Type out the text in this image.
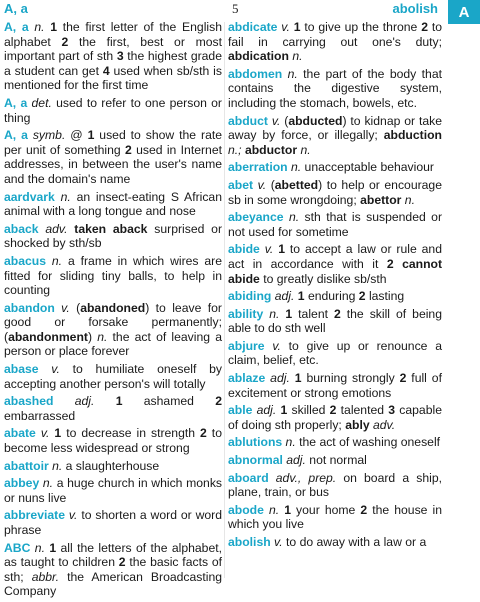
A, a	5	abolish	A

A, a n. 1 the first letter of the English alphabet 2 the first, best or most important part of sth 3 the highest grade a student can get 4 used when sb/sth is mentioned for the first time

A, a det. used to refer to one person or thing

A, a symb. @ 1 used to show the rate per unit of something 2 used in Internet addresses, in between the user's name and the domain's name

aardvark n. an insect-eating S African animal with a long tongue and nose

aback adv. taken aback surprised or shocked by sth/sb

abacus n. a frame in which wires are fitted for sliding tiny balls, to help in counting

abandon v. (abandoned) to leave for good or forsake permanently; (abandonment) n. the act of leaving a person or place forever

abase v. to humiliate oneself by accepting another person's will totally

abashed adj. 1 ashamed 2 embarrassed

abate v. 1 to decrease in strength 2 to become less widespread or strong

abattoir n. a slaughterhouse

abbey n. a huge church in which monks or nuns live

abbreviate v. to shorten a word or word phrase

ABC n. 1 all the letters of the alphabet, as taught to children 2 the basic facts of sth; abbr. the American Broadcasting Company

abdicate v. 1 to give up the throne 2 to fail in carrying out one's duty; abdication n.

abdomen n. the part of the body that contains the digestive system, including the stomach, bowels, etc.

abduct v. (abducted) to kidnap or take away by force, or illegally; abduction n.; abductor n.

aberration n. unacceptable behaviour

abet v. (abetted) to help or encourage sb in some wrongdoing; abettor n.

abeyance n. sth that is suspended or not used for sometime

abide v. 1 to accept a law or rule and act in accordance with it 2 cannot abide to greatly dislike sb/sth

abiding adj. 1 enduring 2 lasting

ability n. 1 talent 2 the skill of being able to do sth well

abjure v. to give up or renounce a claim, belief, etc.

ablaze adj. 1 burning strongly 2 full of excitement or strong emotions

able adj. 1 skilled 2 talented 3 capable of doing sth properly; ably adv.

ablutions n. the act of washing oneself

abnormal adj. not normal

aboard adv., prep. on board a ship, plane, train, or bus

abode n. 1 your home 2 the house in which you live

abolish v. to do away with a law or a
